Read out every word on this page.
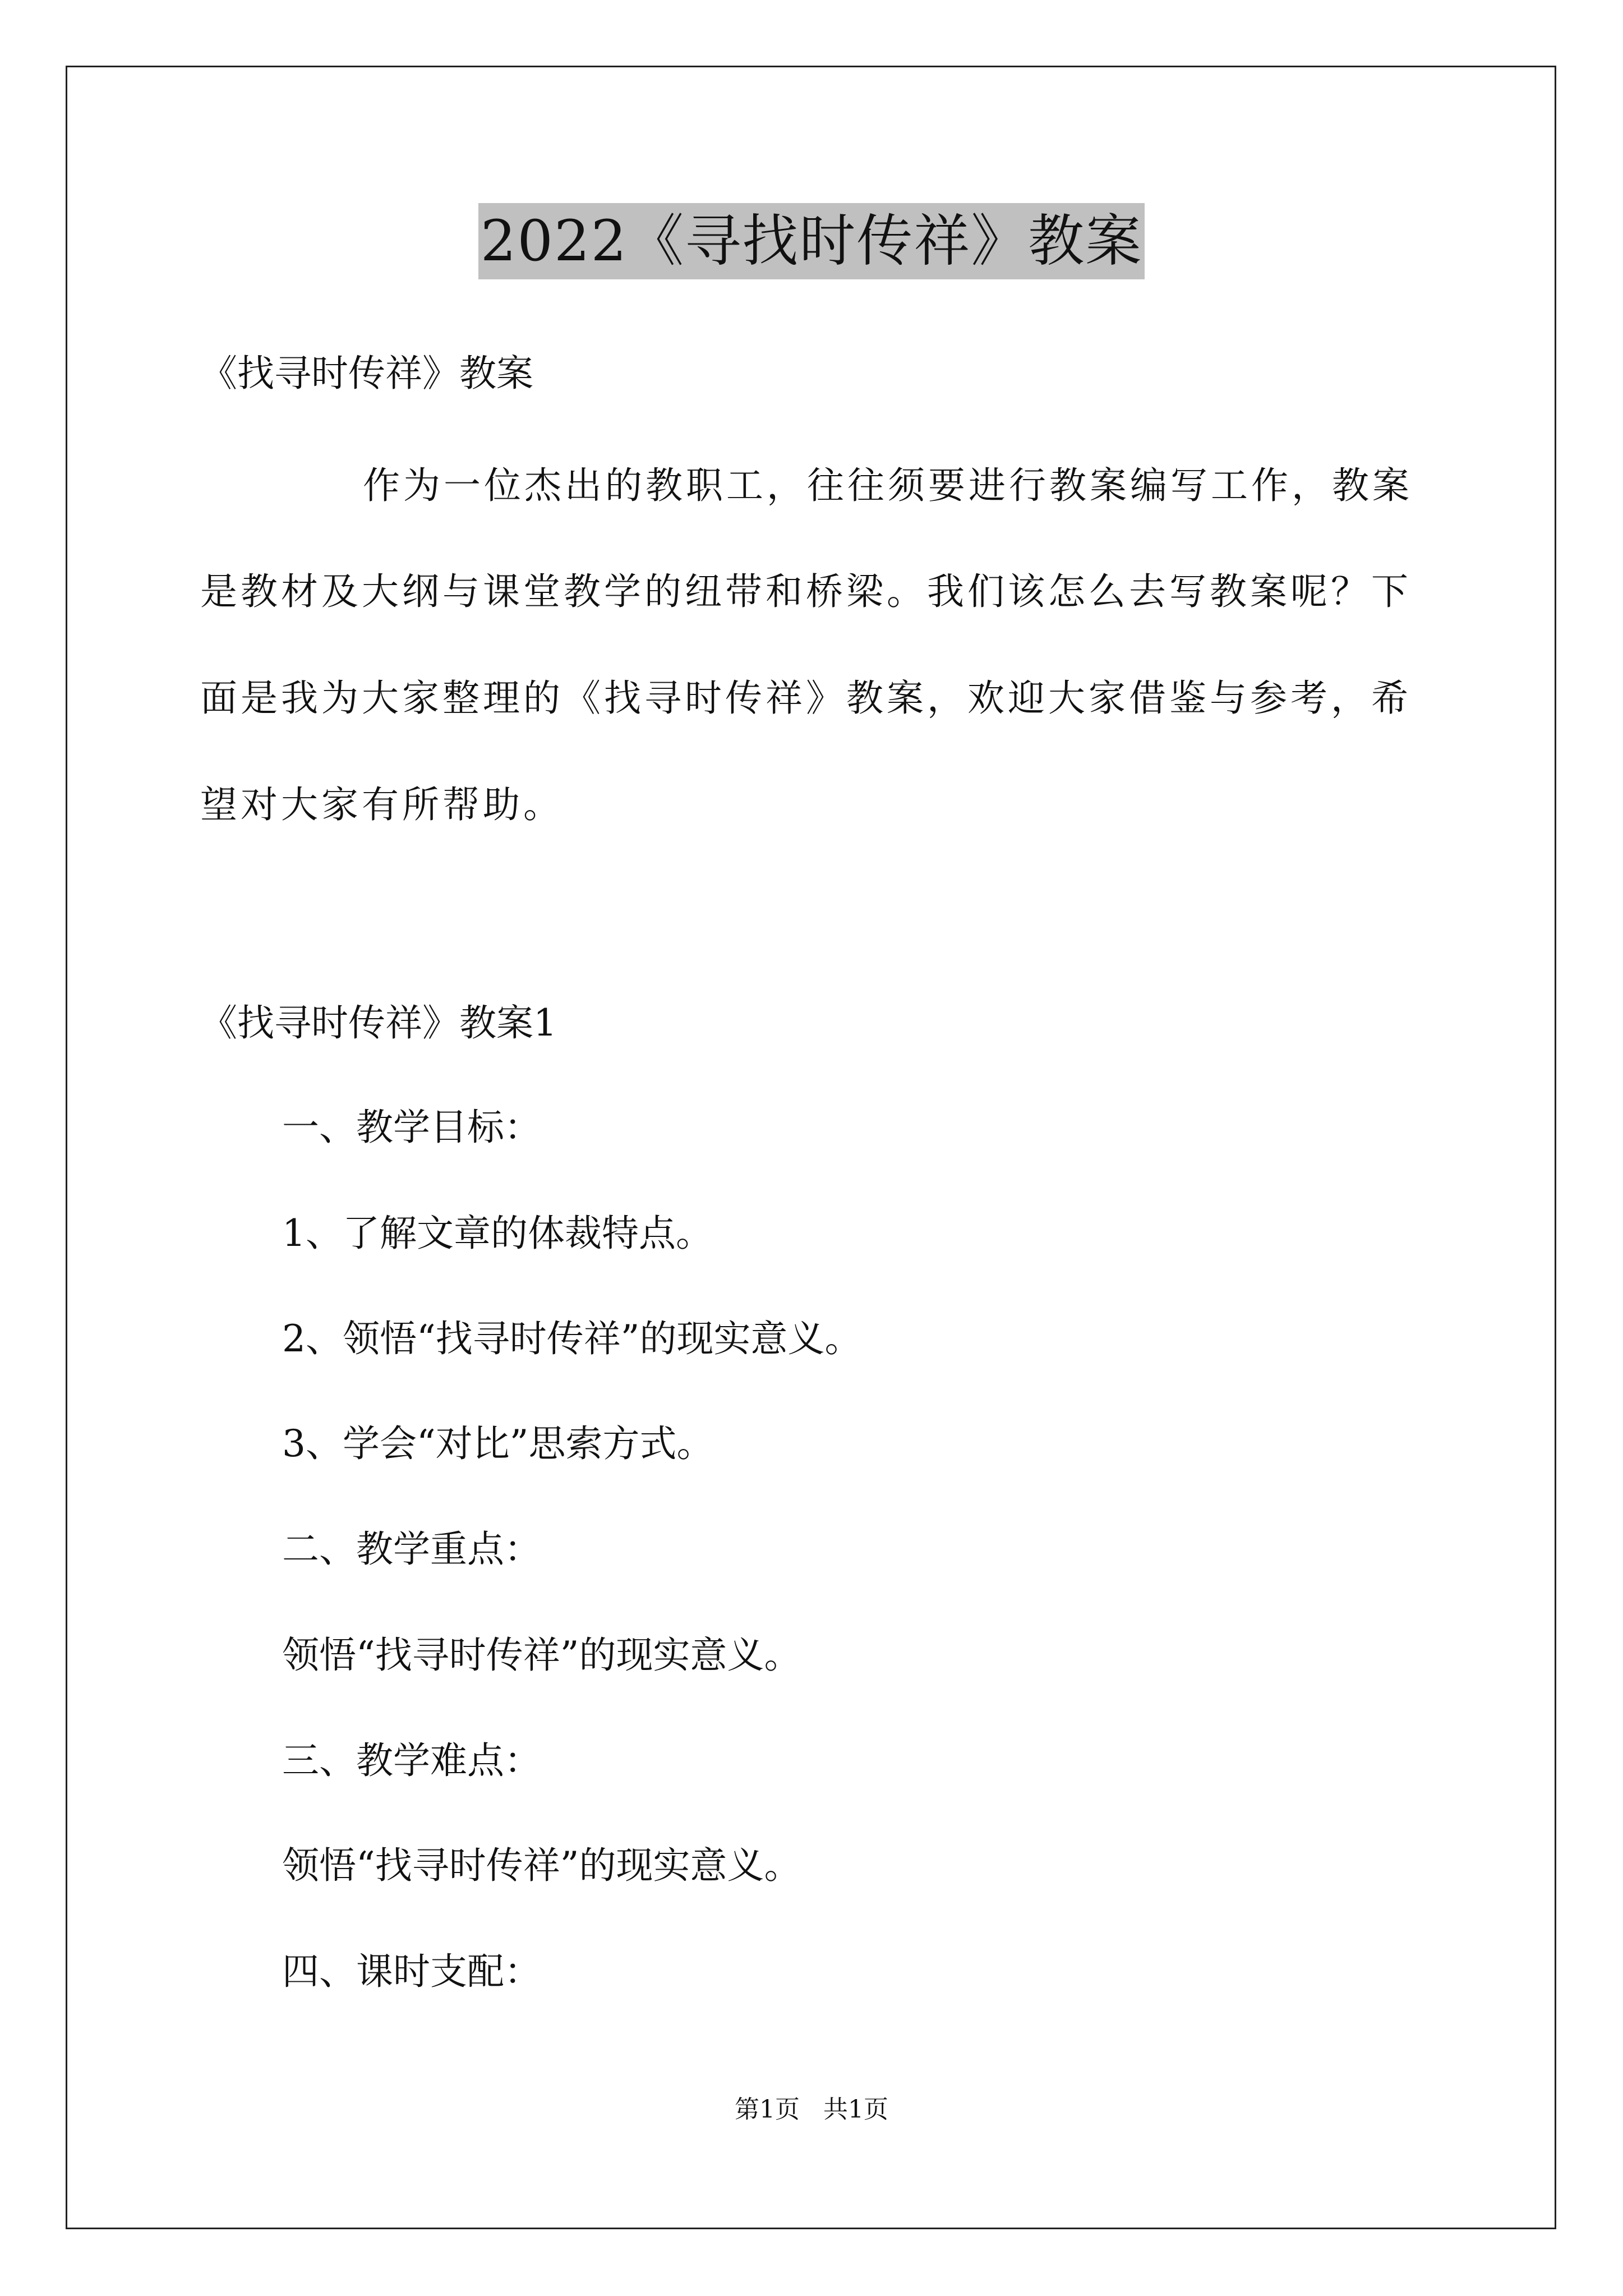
2022《寻找时传祥》教案
《找寻时传祥》教案
作为一位杰出的教职工，往往须要进行教案编写工作，教案
是教材及大纲与课堂教学的纽带和桥梁。我们该怎么去写教案呢？下
面是我为大家整理的《找寻时传祥》教案，欢迎大家借鉴与参考，希
望对大家有所帮助。
《找寻时传祥》教案1
一、教学目标：
1、了解文章的体裁特点。
2、领悟“找寻时传祥”的现实意义。
3、学会“对比”思索方式。
二、教学重点：
领悟“找寻时传祥”的现实意义。
三、教学难点：
领悟“找寻时传祥”的现实意义。
四、课时支配：
第1页   共1页
